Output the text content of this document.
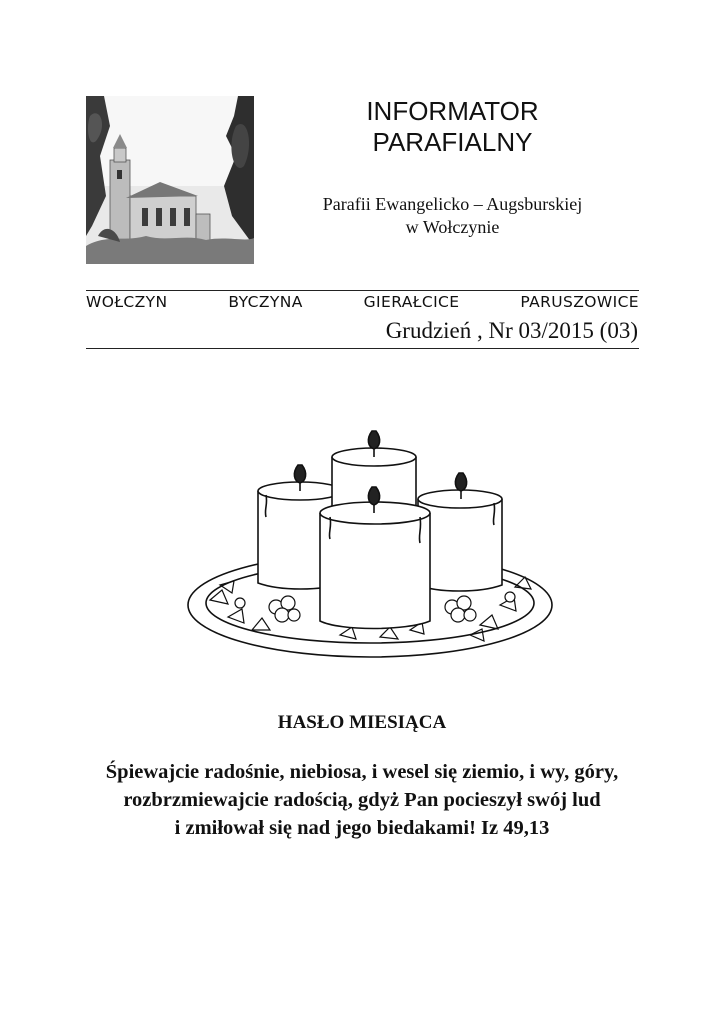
INFORMATOR
PARAFIALNY
Parafii Ewangelicko – Augsburskiej
w Wołczynie
WOŁCZYN	BYCZYNA	GIERAŁCICE	PARUSZOWICE
Grudzień , Nr 03/2015 (03)
HASŁO MIESIĄCA
Śpiewajcie radośnie, niebiosa, i wesel się ziemio, i wy, góry,
rozbrzmiewajcie radością, gdyż Pan pocieszył swój lud
i zmiłował się nad jego biedakami! Iz 49,13
